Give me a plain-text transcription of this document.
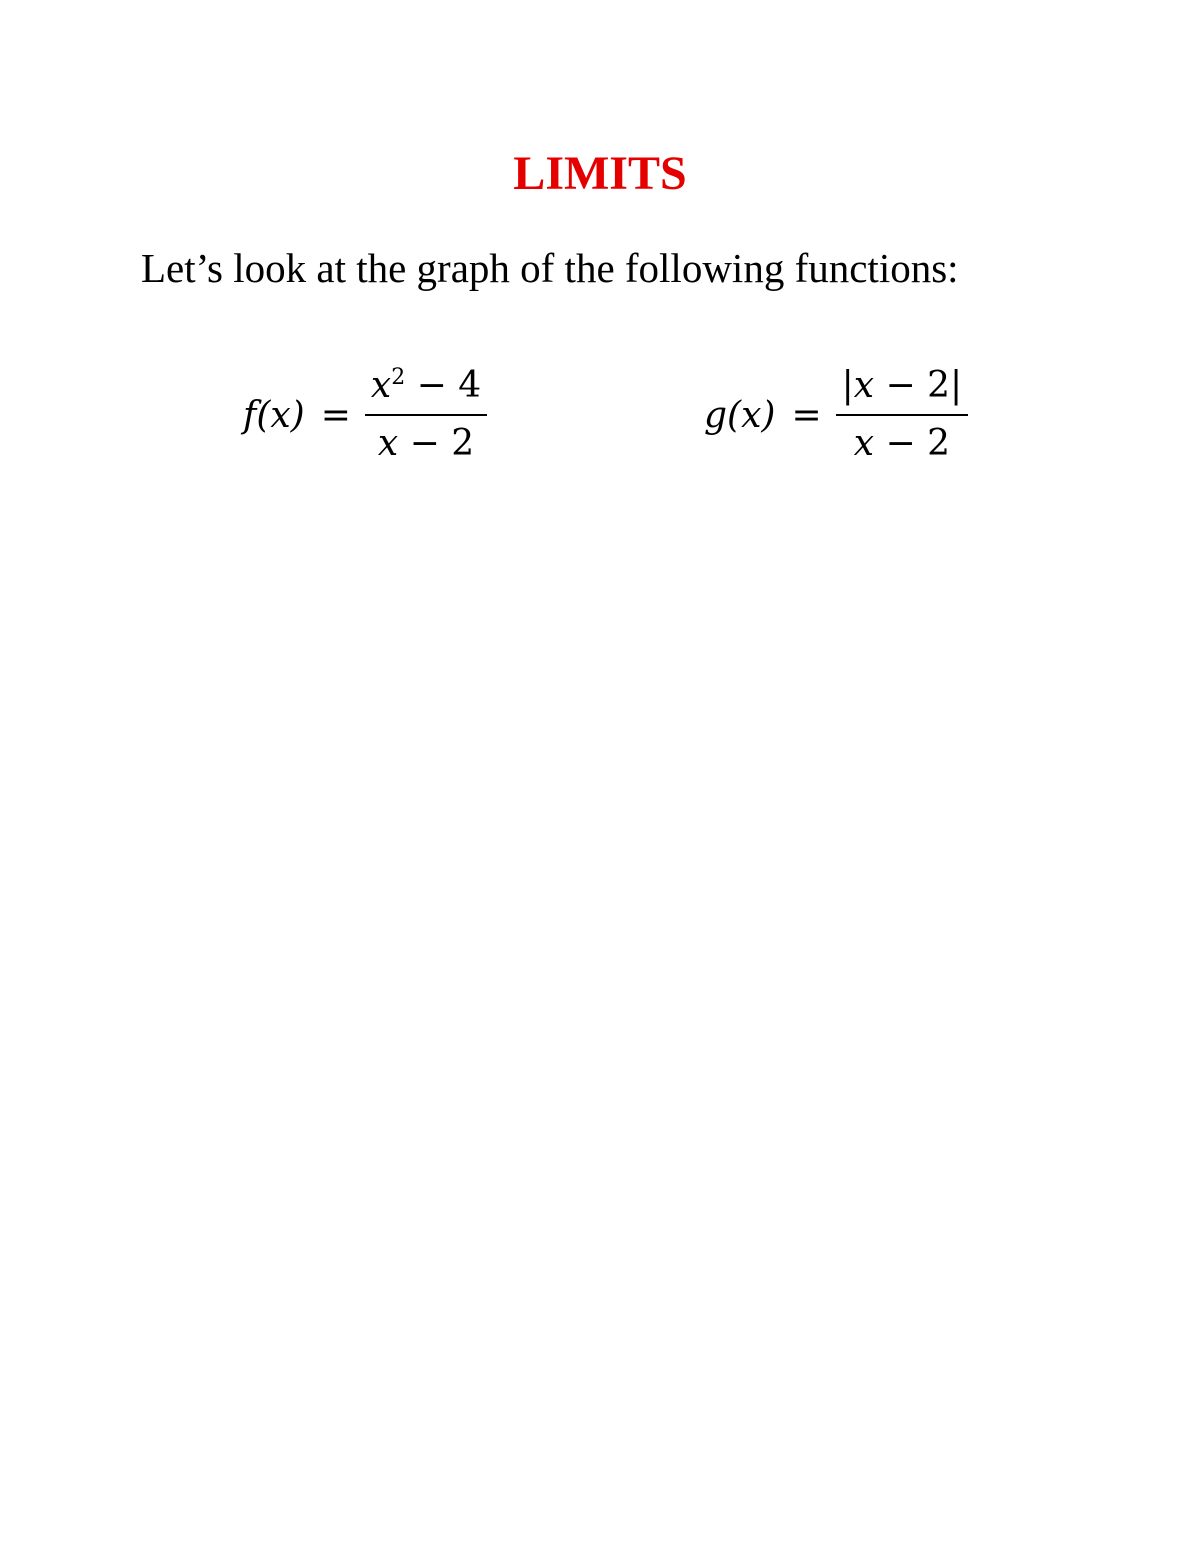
LIMITS

Let’s look at the graph of the following functions:

$f(x) = \frac{x^2 - 4}{x - 2}$	$g(x) = \frac{|x - 2|}{x - 2}$
